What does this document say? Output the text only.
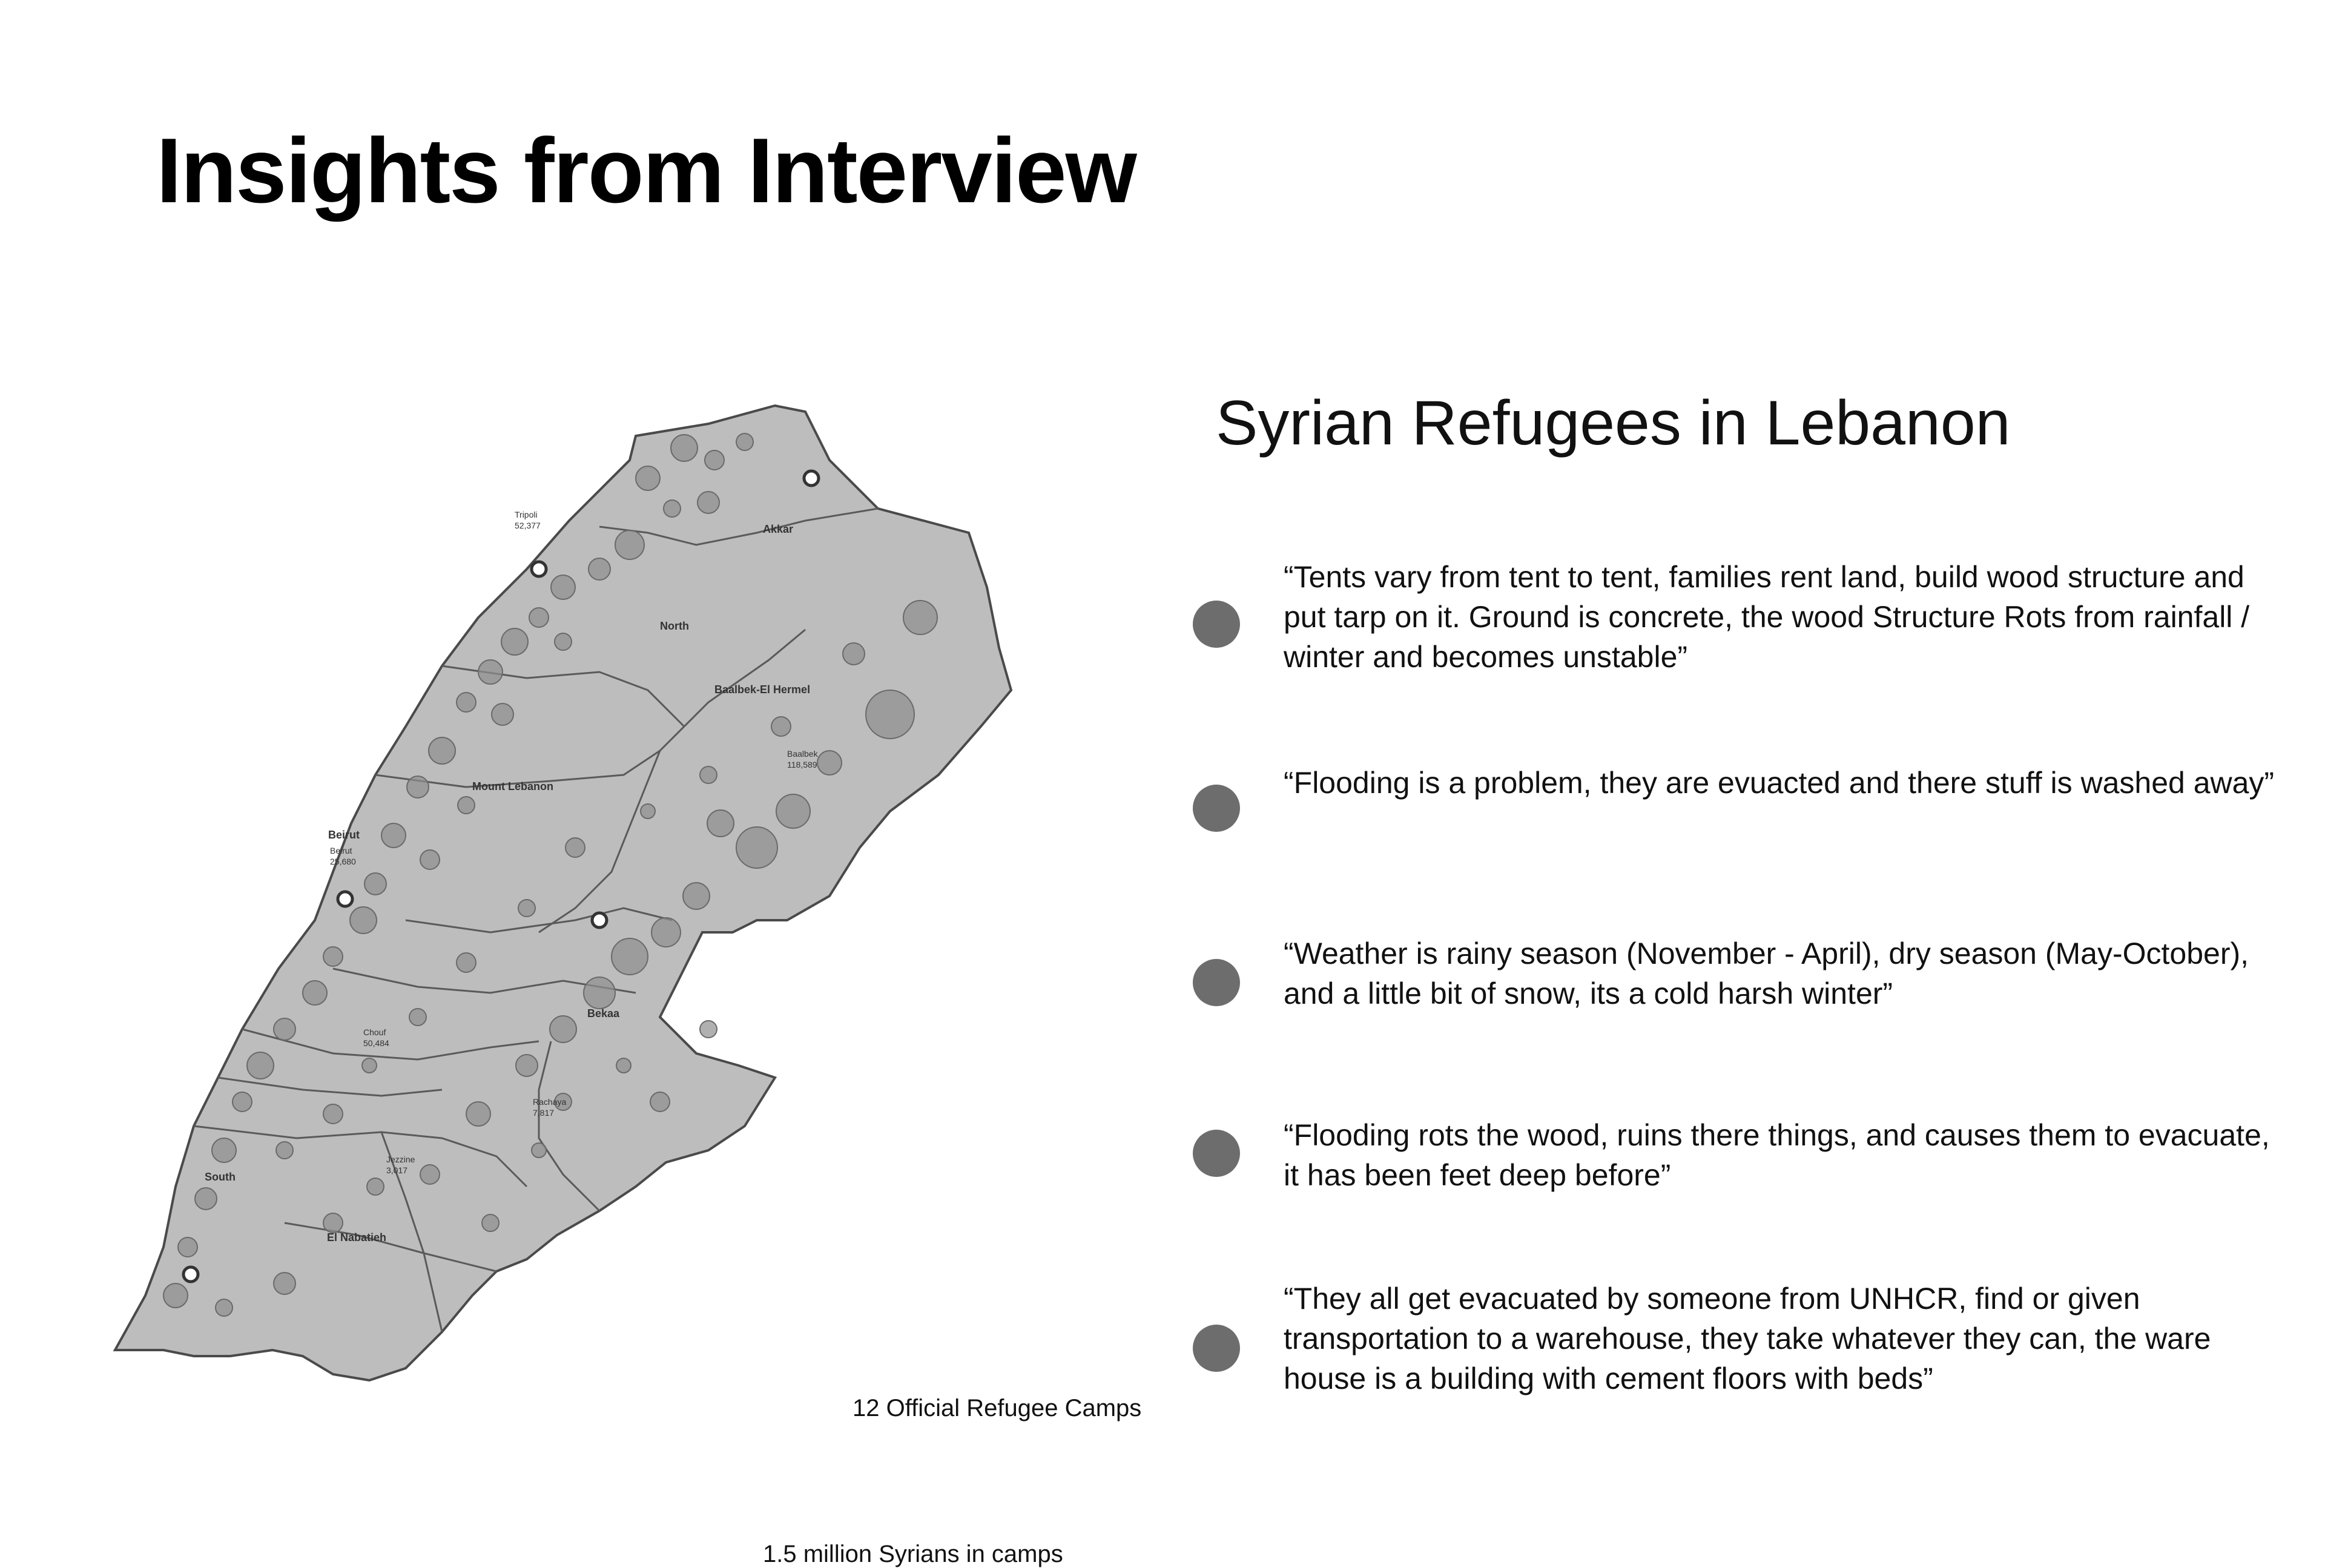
Insights from Interview
Akkar
North
Baalbek-El Hermel
Mount Lebanon
Beirut
Bekaa
South
El Nabatieh
Tripoli
52,377
Beirut
25,680
Baalbek
118,589
Chouf
50,484
Jezzine
3,017
Rachaya
7,817
12 Official Refugee Camps
1.5 million Syrians in camps
Syrian Refugees in Lebanon

“Tents vary from tent to tent, families rent land, build wood structure and put tarp on it. Ground is concrete, the wood Structure Rots from rainfall / winter and becomes unstable”

“Flooding is a problem, they are evuacted and there stuff is washed away”

“Weather is rainy season (November - April), dry season (May-October), and a little bit of snow, its a cold harsh winter”

“Flooding rots the wood, ruins there things, and causes them to evacuate, it has been feet deep before”

“They all get evacuated by someone from UNHCR, find or given transportation to a warehouse, they take whatever they can, the ware house is a building with cement floors with beds”
